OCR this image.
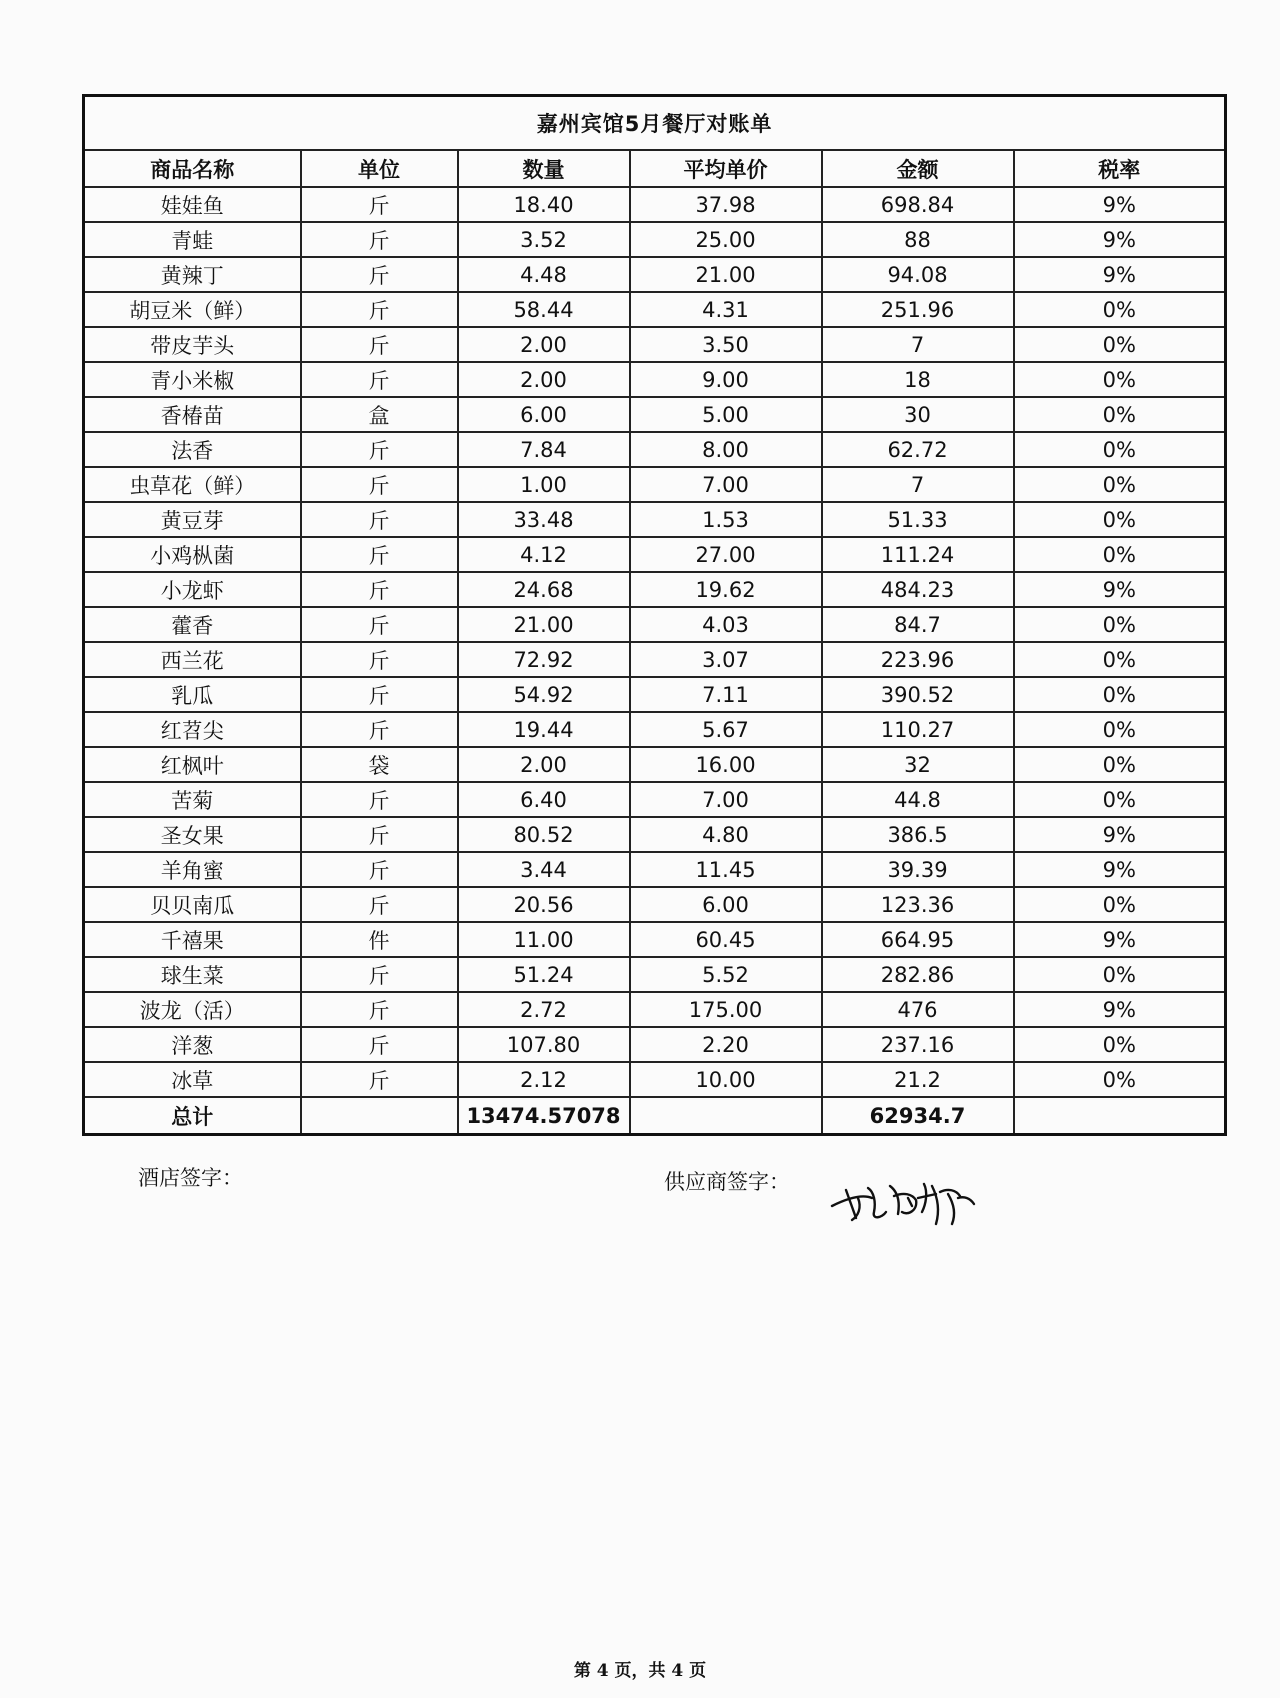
嘉州宾馆5月餐厅对账单					
商品名称	单位	数量	平均单价	金额	税率
娃娃鱼	斤	18.40	37.98	698.84	9%
青蛙	斤	3.52	25.00	88	9%
黄辣丁	斤	4.48	21.00	94.08	9%
胡豆米（鲜）	斤	58.44	4.31	251.96	0%
带皮芋头	斤	2.00	3.50	7	0%
青小米椒	斤	2.00	9.00	18	0%
香椿苗	盒	6.00	5.00	30	0%
法香	斤	7.84	8.00	62.72	0%
虫草花（鲜）	斤	1.00	7.00	7	0%
黄豆芽	斤	33.48	1.53	51.33	0%
小鸡枞菌	斤	4.12	27.00	111.24	0%
小龙虾	斤	24.68	19.62	484.23	9%
藿香	斤	21.00	4.03	84.7	0%
西兰花	斤	72.92	3.07	223.96	0%
乳瓜	斤	54.92	7.11	390.52	0%
红苕尖	斤	19.44	5.67	110.27	0%
红枫叶	袋	2.00	16.00	32	0%
苦菊	斤	6.40	7.00	44.8	0%
圣女果	斤	80.52	4.80	386.5	9%
羊角蜜	斤	3.44	11.45	39.39	9%
贝贝南瓜	斤	20.56	6.00	123.36	0%
千禧果	件	11.00	60.45	664.95	9%
球生菜	斤	51.24	5.52	282.86	0%
波龙（活）	斤	2.72	175.00	476	9%
洋葱	斤	107.80	2.20	237.16	0%
冰草	斤	2.12	10.00	21.2	0%
总计		13474.57078		62934.7	
酒店签字：	供应商签字：
第 4 页，共 4 页
